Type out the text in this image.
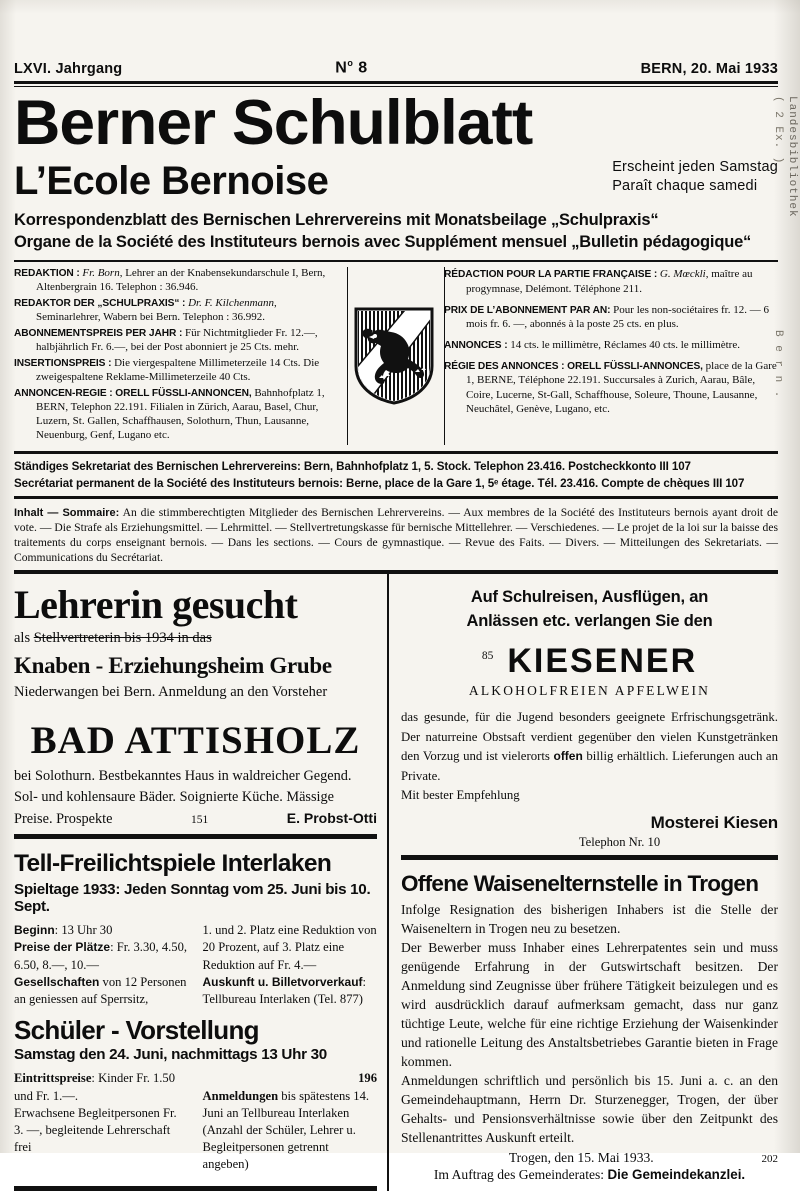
Landesbibliothek
( 2 Ex. )
B e r n .
LXVI. Jahrgang	$N^o$ 8	BERN, 20. Mai 1933
Berner Schulblatt
L’Ecole Bernoise	Erscheint jeden Samstag
Paraît chaque samedi
Korrespondenzblatt des Bernischen Lehrervereins mit Monatsbeilage „Schulpraxis“
Organe de la Société des Instituteurs bernois avec Supplément mensuel „Bulletin pédagogique“

REDAKTION : Fr. Born, Lehrer an der Knabensekundarschule I, Bern, Altenbergrain 16. Telephon : 36.946.

REDAKTOR DER „SCHULPRAXIS“ : Dr. F. Kilchenmann, Seminarlehrer, Wabern bei Bern. Telephon : 36.992.

ABONNEMENTSPREIS PER JAHR : Für Nichtmitglieder Fr. 12.—, halbjährlich Fr. 6.—, bei der Post abonniert je 25 Cts. mehr.

INSERTIONSPREIS : Die viergespaltene Millimeterzeile 14 Cts. Die zweigespaltene Reklame-Millimeterzeile 40 Cts.

ANNONCEN-REGIE : ORELL FÜSSLI-ANNONCEN, Bahnhofplatz 1, BERN, Telephon 22.191. Filialen in Zürich, Aarau, Basel, Chur, Luzern, St. Gallen, Schaffhausen, Solothurn, Thun, Lausanne, Neuenburg, Genf, Lugano etc.

RÉDACTION POUR LA PARTIE FRANÇAISE : G. Mœckli, maître au progymnase, Delémont. Téléphone 211.

PRIX DE L’ABONNEMENT PAR AN: Pour les non-sociétaires fr. 12. — 6 mois fr. 6. —, abonnés à la poste 25 cts. en plus.

ANNONCES : 14 cts. le millimètre, Réclames 40 cts. le millimètre.

RÉGIE DES ANNONCES : ORELL FÜSSLI-ANNONCES, place de la Gare 1, BERNE, Téléphone 22.191. Succursales à Zurich, Aarau, Bâle, Coire, Lucerne, St-Gall, Schaffhouse, Soleure, Thoune, Lausanne, Neuchâtel, Genève, Lugano, etc.

Ständiges Sekretariat des Bernischen Lehrervereins: Bern, Bahnhofplatz 1, 5. Stock. Telephon 23.416. Postcheckkonto III 107
Secrétariat permanent de la Société des Instituteurs bernois: Berne, place de la Gare 1, 5ᵉ étage. Tél. 23.416. Compte de chèques III 107
Inhalt — Sommaire: An die stimmberechtigten Mitglieder des Bernischen Lehrervereins. — Aux membres de la Société des Instituteurs bernois ayant droit de vote. — Die Strafe als Erziehungsmittel. — Lehrmittel. — Stellvertretungskasse für bernische Mittellehrer. — Verschiedenes. — Le projet de la loi sur la baisse des traitements du corps enseignant bernois. — Dans les sections. — Cours de gymnastique. — Revue des Faits. — Divers. — Mitteilungen des Sekretariats. — Communications du Secrétariat.
Lehrerin gesucht
als Stellvertreterin bis 1934 in das
Knaben - Erziehungsheim Grube
Niederwangen bei Bern. Anmeldung an den Vorsteher
BAD ATTISHOLZ
bei Solothurn. Bestbekanntes Haus in waldreicher Gegend.
Sol- und kohlensaure Bäder. Soignierte Küche. Mässige
Preise. Prospekte	151	E. Probst-Otti
Tell-Freilichtspiele Interlaken
Spieltage 1933: Jeden Sonntag vom 25. Juni bis 10. Sept.
Beginn: 13 Uhr 30
Preise der Plätze: Fr. 3.30, 4.50, 6.50, 8.—, 10.—
Gesellschaften von 12 Personen an geniessen auf Sperrsitz,
1. und 2. Platz eine Reduktion von 20 Prozent, auf 3. Platz eine Reduktion auf Fr. 4.—
Auskunft u. Billetvorverkauf: Tellbureau Interlaken (Tel. 877)
Schüler - Vorstellung
Samstag den 24. Juni, nachmittags 13 Uhr 30
Eintrittspreise: Kinder Fr. 1.50 und Fr. 1.—.
Erwachsene Begleitpersonen Fr. 3. —, begleitende Lehrerschaft frei
196
Anmeldungen bis spätestens 14. Juni an Tellbureau Interlaken (Anzahl der Schüler, Lehrer u. Begleitpersonen getrennt angeben)
Auf Schulreisen, Ausflügen, an
Anlässen etc. verlangen Sie den
85 KIESENER
ALKOHOLFREIEN APFELWEIN
das gesunde, für die Jugend besonders geeignete Erfrischungsgetränk. Der naturreine Obstsaft verdient gegenüber den vielen Kunstgetränken den Vorzug und ist vielerorts offen billig erhältlich. Lieferungen auch an Private.
Mit bester Empfehlung
Mosterei Kiesen
Telephon Nr. 10
Offene Waisenelternstelle in Trogen

Infolge Resignation des bisherigen Inhabers ist die Stelle der Waiseneltern in Trogen neu zu besetzen.

Der Bewerber muss Inhaber eines Lehrerpatentes sein und muss genügende Erfahrung in der Gutswirtschaft besitzen. Der Anmeldung sind Zeugnisse über frühere Tätigkeit beizulegen und es wird ausdrücklich darauf aufmerksam gemacht, dass nur ganz tüchtige Leute, welche für eine richtige Erziehung der Waisenkinder und rationelle Leitung des Anstaltsbetriebes Garantie bieten in Frage kommen.

Anmeldungen schriftlich und persönlich bis 15. Juni a. c. an den Gemeindehauptmann, Herrn Dr. Sturzenegger, Trogen, der über Gehalts- und Pensionsverhältnisse sowie über den Zeitpunkt des Stellenantrittes Auskunft erteilt.

Trogen, den 15. Mai 1933.	202
Im Auftrag des Gemeinderates: Die Gemeindekanzlei.
